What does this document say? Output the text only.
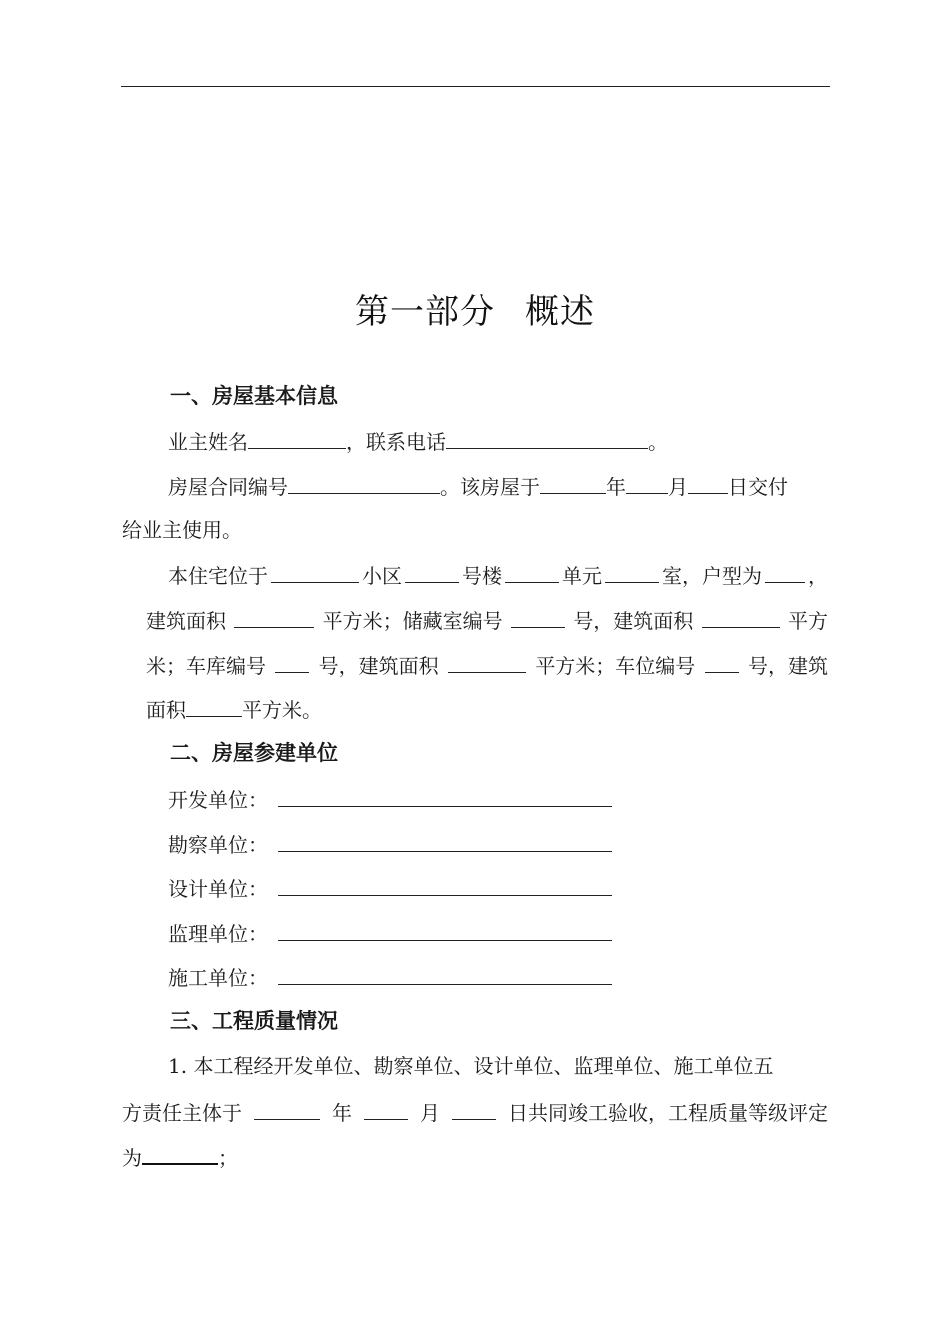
第一部分 概述
一、房屋基本信息
业主姓名	，联系电话	。
房屋合同编号	。该房屋于	年 月 日交付
给业主使用。
本住宅位于	小区	号楼	单元	室，户型为 ，
建筑面积	平方米；储藏室编号	号，建筑面积	平方
米；车库编号	号，建筑面积	平方米；车位编号	号，建筑
面积	平方米。
二、房屋参建单位
开发单位：
勘察单位：
设计单位：
监理单位：
施工单位：
三、工程质量情况
1. 本工程经开发单位、勘察单位、设计单位、监理单位、施工单位五
方责任主体于	年	月	日共同竣工验收，工程质量等级评定
为	；
